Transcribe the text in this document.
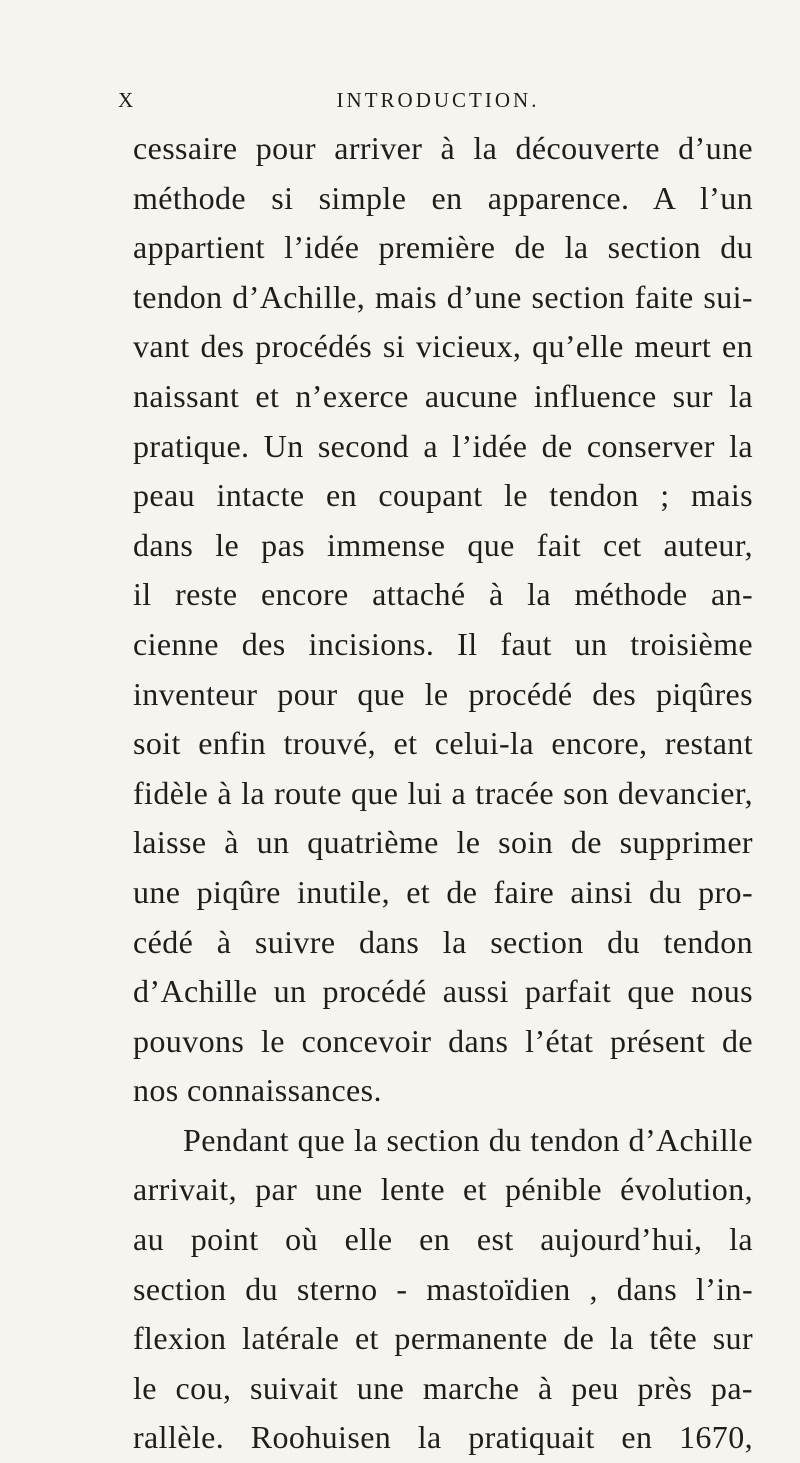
X	INTRODUCTION.
cessaire pour arriver à la découverte d’une
méthode si simple en apparence. A l’un
appartient l’idée première de la section du
tendon d’Achille, mais d’une section faite sui-
vant des procédés si vicieux, qu’elle meurt en
naissant et n’exerce aucune influence sur la
pratique. Un second a l’idée de conserver la
peau intacte en coupant le tendon ; mais
dans le pas immense que fait cet auteur,
il reste encore attaché à la méthode an-
cienne des incisions. Il faut un troisième
inventeur pour que le procédé des piqûres
soit enfin trouvé, et celui-la encore, restant
fidèle à la route que lui a tracée son devancier,
laisse à un quatrième le soin de supprimer
une piqûre inutile, et de faire ainsi du pro-
cédé à suivre dans la section du tendon
d’Achille un procédé aussi parfait que nous
pouvons le concevoir dans l’état présent de
nos connaissances.
Pendant que la section du tendon d’Achille
arrivait, par une lente et pénible évolution,
au point où elle en est aujourd’hui, la
section du sterno - mastoïdien , dans l’in-
flexion latérale et permanente de la tête sur
le cou, suivait une marche à peu près pa-
rallèle. Roohuisen la pratiquait en 1670,
